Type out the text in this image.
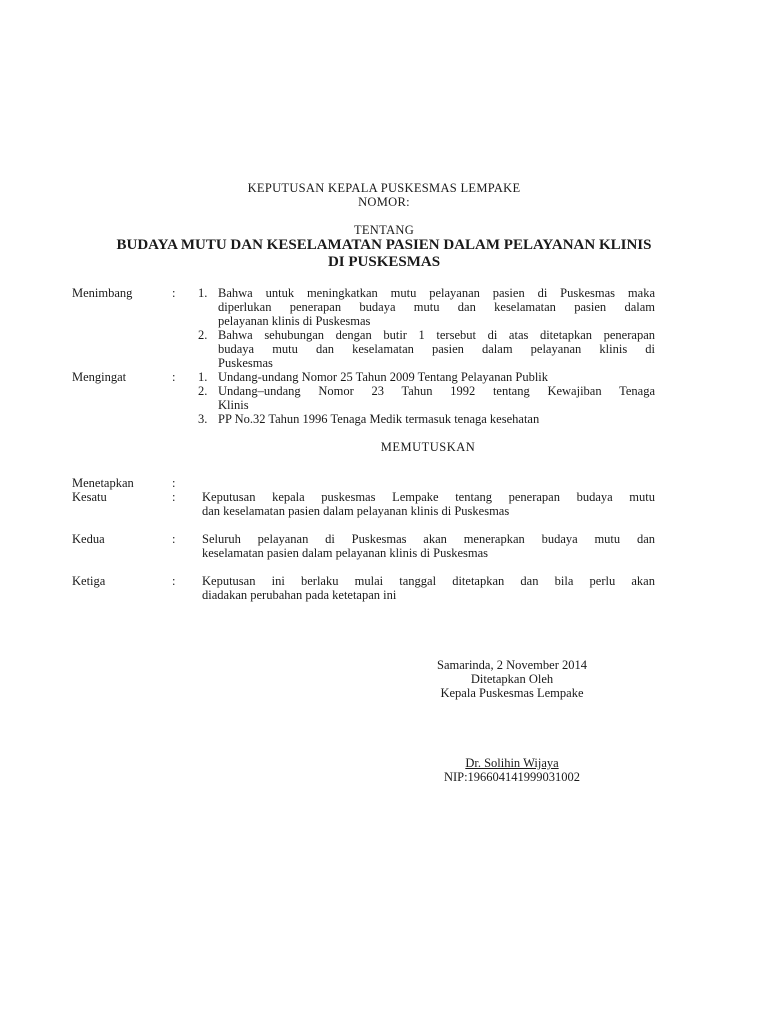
KEPUTUSAN KEPALA PUSKESMAS LEMPAKE
NOMOR:
TENTANG
BUDAYA MUTU DAN KESELAMATAN PASIEN DALAM PELAYANAN KLINIS
DI PUSKESMAS
Menimbang	: 1. Bahwa untuk meningkatkan mutu pelayanan pasien di Puskesmas maka
diperlukan penerapan budaya mutu dan keselamatan pasien dalam
pelayanan klinis di Puskesmas
2. Bahwa sehubungan dengan butir 1 tersebut di atas ditetapkan penerapan
budaya mutu dan keselamatan pasien dalam pelayanan klinis di
Puskesmas
Mengingat	: 1. Undang-undang Nomor 25 Tahun 2009 Tentang Pelayanan Publik
2. Undang–undang Nomor 23 Tahun 1992 tentang Kewajiban Tenaga
Klinis
3. PP No.32 Tahun 1996 Tenaga Medik termasuk tenaga kesehatan
MEMUTUSKAN
Menetapkan	:
Kesatu	: Keputusan kepala puskesmas Lempake tentang penerapan budaya mutu
dan keselamatan pasien dalam pelayanan klinis di Puskesmas
Kedua	: Seluruh pelayanan di Puskesmas akan menerapkan budaya mutu dan
keselamatan pasien dalam pelayanan klinis di Puskesmas
Ketiga	: Keputusan ini berlaku mulai tanggal ditetapkan dan bila perlu akan
diadakan perubahan pada ketetapan ini
Samarinda, 2 November 2014
Ditetapkan Oleh
Kepala Puskesmas Lempake
Dr. Solihin Wijaya
NIP:196604141999031002
